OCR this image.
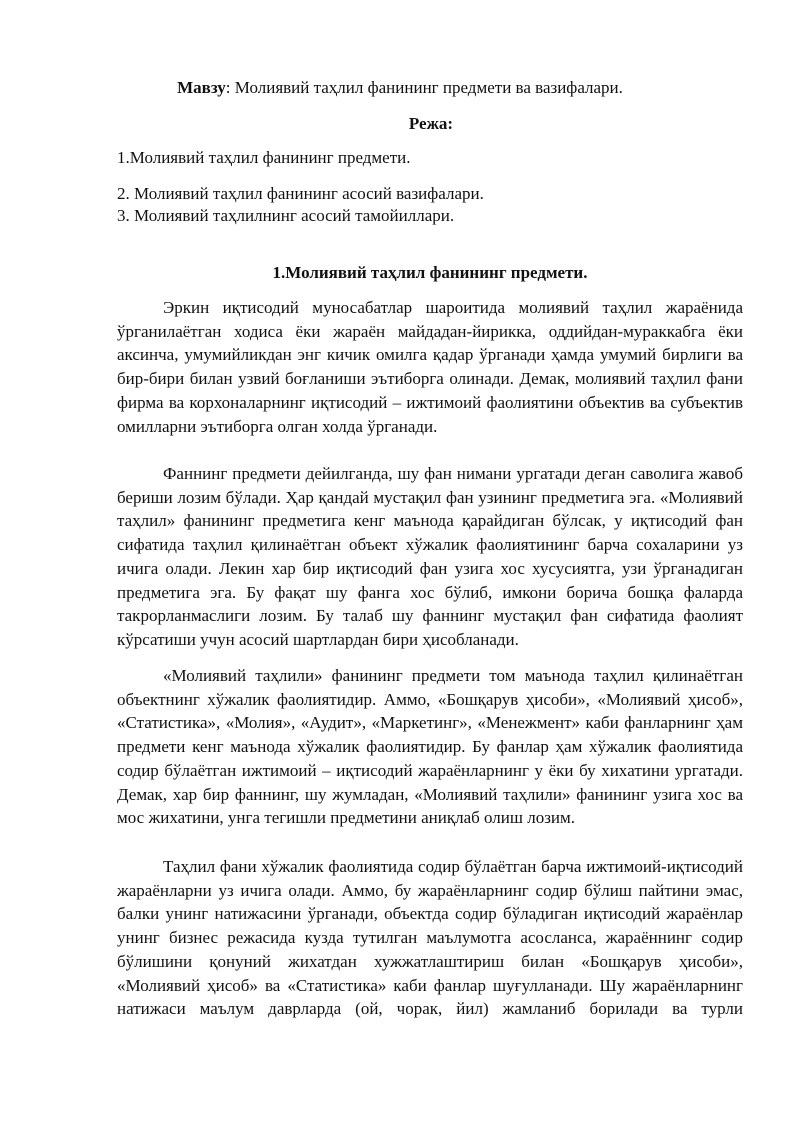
Мавзу: Молиявий таҳлил фанининг предмети ва вазифалари.
Режа:
1.Молиявий таҳлил фанининг предмети.
2. Молиявий таҳлил фанининг асосий вазифалари.
3. Молиявий таҳлилнинг асосий тамойиллари.
1.Молиявий таҳлил фанининг предмети.

Эркин иқтисодий муносабатлар шароитида молиявий таҳлил жараёнида ўрганилаётган ходиса ёки жараён майдадан-йирикка, оддийдан-мураккабга ёки аксинча, умумийликдан энг кичик омилга қадар ўрганади ҳамда умумий бирлиги ва бир-бири билан узвий боғланиши эътиборга олинади. Демак, молиявий таҳлил фани фирма ва корхоналарнинг иқтисодий – ижтимоий фаолиятини объектив ва субъектив омилларни эътиборга олган холда ўрганади.

Фаннинг предмети дейилганда, шу фан нимани ургатади деган саволига жавоб бериши лозим бўлади. Ҳар қандай мустақил фан узининг предметига эга. «Молиявий таҳлил» фанининг предметига кенг маънода қарайдиган бўлсак, у иқтисодий фан сифатида таҳлил қилинаётган объект хўжалик фаолиятининг барча сохаларини уз ичига олади. Лекин хар бир иқтисодий фан узига хос хусусиятга, узи ўрганадиган предметига эга. Бу фақат шу фанга хос бўлиб, имкони борича бошқа фаларда такрорланмаслиги лозим. Бу талаб шу фаннинг мустақил фан сифатида фаолият кўрсатиши учун асосий шартлардан бири ҳисобланади.

«Молиявий таҳлили» фанининг предмети том маънода таҳлил қилинаётган объектнинг хўжалик фаолиятидир. Аммо, «Бошқарув ҳисоби», «Молиявий ҳисоб», «Статистика», «Молия», «Аудит», «Маркетинг», «Менежмент» каби фанларнинг ҳам предмети кенг маънода хўжалик фаолиятидир. Бу фанлар ҳам хўжалик фаолиятида содир бўлаётган ижтимоий – иқтисодий жараёнларнинг у ёки бу хиxатини ургатади. Демак, хар бир фаннинг, шу жумладан, «Молиявий таҳлили» фанининг узига хос ва мос жихатини, унга тегишли предметини аниқлаб олиш лозим.

Таҳлил фани хўжалик фаолиятида содир бўлаётган барча ижтимоий-иқтисодий жараёнларни уз ичига олади. Аммо, бу жараёнларнинг содир бўлиш пайтини эмас, балки унинг натижасини ўрганади, объектда содир бўладиган иқтисодий жараёнлар унинг бизнес режасида кузда тутилган маълумотга асосланса, жараённинг содир бўлишини қонуний жихатдан хужжатлаштириш билан «Бошқарув ҳисоби», «Молиявий ҳисоб» ва «Статистика» каби фанлар шуғулланади. Шу жараёнларнинг натижаси маълум даврларда (ой, чорак, йил) жамланиб борилади ва турли
